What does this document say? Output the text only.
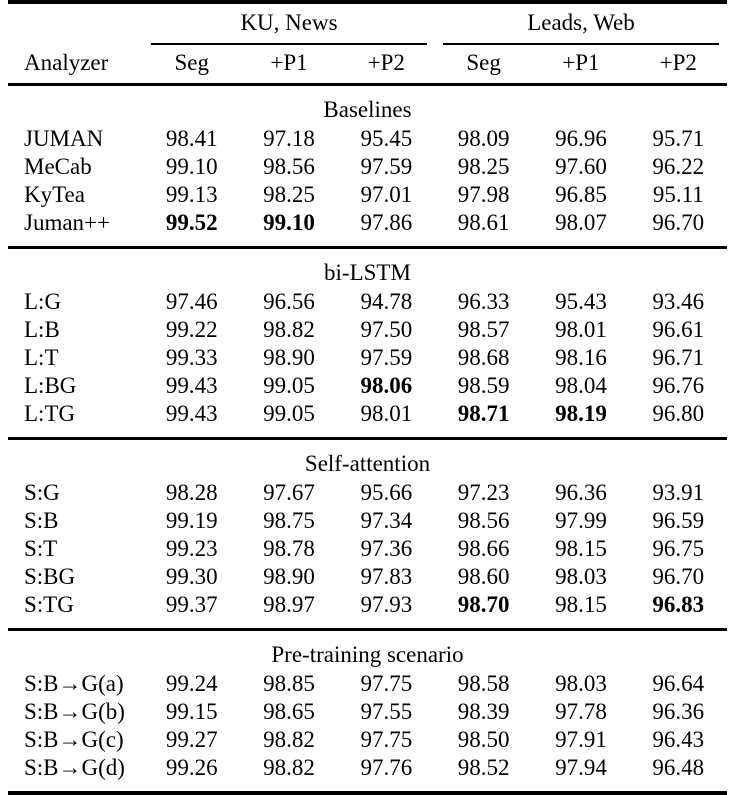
	KU, News			Leads, Web		

Analyzer	Seg	+P1	+P2	Seg	+P1	+P2

Baselines						
JUMAN	98.41	97.18	95.45	98.09	96.96	95.71
MeCab	99.10	98.56	97.59	98.25	97.60	96.22
KyTea	99.13	98.25	97.01	97.98	96.85	95.11
Juman++	99.52	99.10	97.86	98.61	98.07	96.70

bi-LSTM						
L:G	97.46	96.56	94.78	96.33	95.43	93.46
L:B	99.22	98.82	97.50	98.57	98.01	96.61
L:T	99.33	98.90	97.59	98.68	98.16	96.71
L:BG	99.43	99.05	98.06	98.59	98.04	96.76
L:TG	99.43	99.05	98.01	98.71	98.19	96.80

Self-attention						
S:G	98.28	97.67	95.66	97.23	96.36	93.91
S:B	99.19	98.75	97.34	98.56	97.99	96.59
S:T	99.23	98.78	97.36	98.66	98.15	96.75
S:BG	99.30	98.90	97.83	98.60	98.03	96.70
S:TG	99.37	98.97	97.93	98.70	98.15	96.83

Pre-training scenario						
S:B→G(a)	99.24	98.85	97.75	98.58	98.03	96.64
S:B→G(b)	99.15	98.65	97.55	98.39	97.78	96.36
S:B→G(c)	99.27	98.82	97.75	98.50	97.91	96.43
S:B→G(d)	99.26	98.82	97.76	98.52	97.94	96.48
